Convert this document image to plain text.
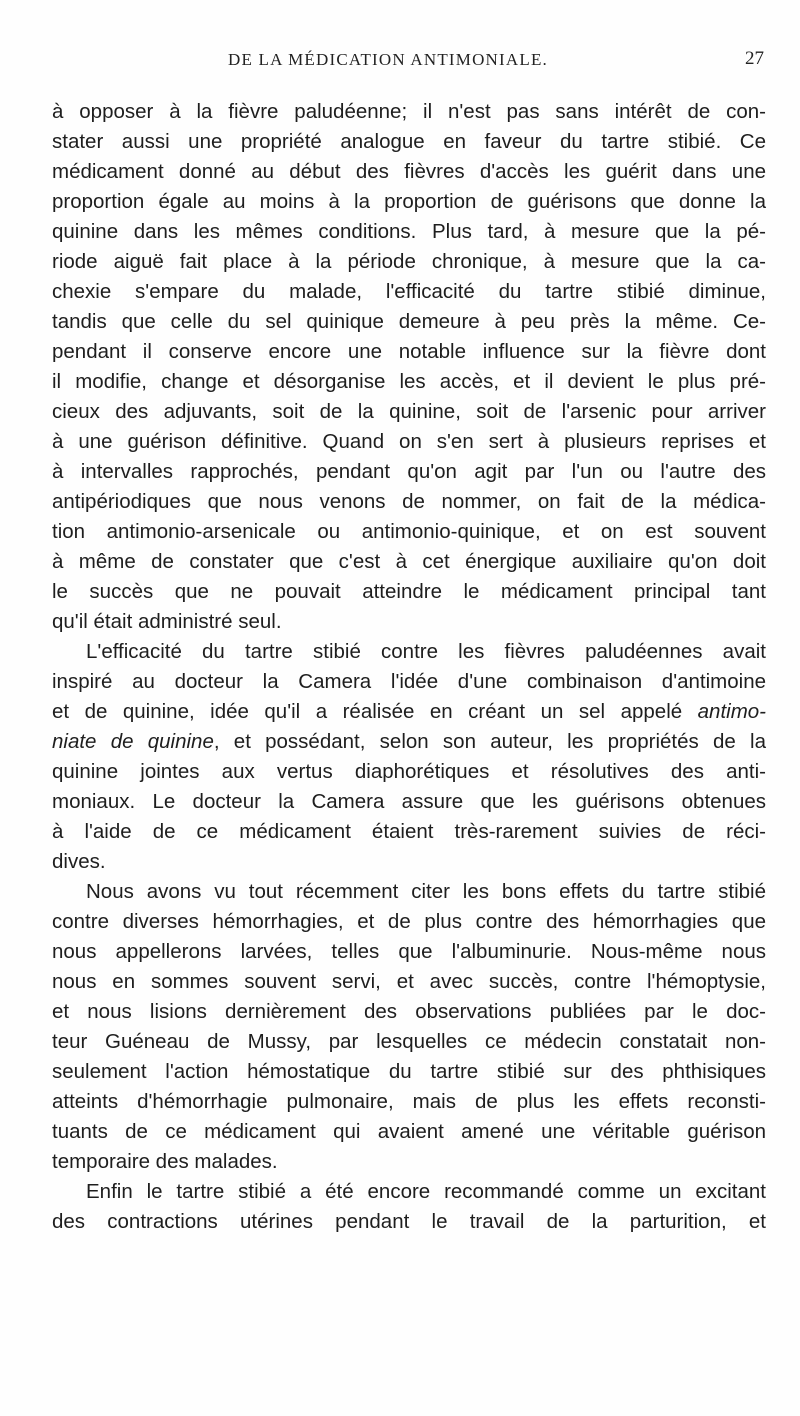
DE LA MÉDICATION ANTIMONIALE.	27
à opposer à la fièvre paludéenne; il n'est pas sans intérêt de con-
stater aussi une propriété analogue en faveur du tartre stibié. Ce
médicament donné au début des fièvres d'accès les guérit dans une
proportion égale au moins à la proportion de guérisons que donne la
quinine dans les mêmes conditions. Plus tard, à mesure que la pé-
riode aiguë fait place à la période chronique, à mesure que la ca-
chexie s'empare du malade, l'efficacité du tartre stibié diminue,
tandis que celle du sel quinique demeure à peu près la même. Ce-
pendant il conserve encore une notable influence sur la fièvre dont
il modifie, change et désorganise les accès, et il devient le plus pré-
cieux des adjuvants, soit de la quinine, soit de l'arsenic pour arriver
à une guérison définitive. Quand on s'en sert à plusieurs reprises et
à intervalles rapprochés, pendant qu'on agit par l'un ou l'autre des
antipériodiques que nous venons de nommer, on fait de la médica-
tion antimonio-arsenicale ou antimonio-quinique, et on est souvent
à même de constater que c'est à cet énergique auxiliaire qu'on doit
le succès que ne pouvait atteindre le médicament principal tant
qu'il était administré seul.
L'efficacité du tartre stibié contre les fièvres paludéennes avait
inspiré au docteur la Camera l'idée d'une combinaison d'antimoine
et de quinine, idée qu'il a réalisée en créant un sel appelé antimo-
niate de quinine, et possédant, selon son auteur, les propriétés de la
quinine jointes aux vertus diaphorétiques et résolutives des anti-
moniaux. Le docteur la Camera assure que les guérisons obtenues
à l'aide de ce médicament étaient très-rarement suivies de réci-
dives.
Nous avons vu tout récemment citer les bons effets du tartre stibié
contre diverses hémorrhagies, et de plus contre des hémorrhagies que
nous appellerons larvées, telles que l'albuminurie. Nous-même nous
nous en sommes souvent servi, et avec succès, contre l'hémoptysie,
et nous lisions dernièrement des observations publiées par le doc-
teur Guéneau de Mussy, par lesquelles ce médecin constatait non-
seulement l'action hémostatique du tartre stibié sur des phthisiques
atteints d'hémorrhagie pulmonaire, mais de plus les effets reconsti-
tuants de ce médicament qui avaient amené une véritable guérison
temporaire des malades.
Enfin le tartre stibié a été encore recommandé comme un excitant
des contractions utérines pendant le travail de la parturition, et
